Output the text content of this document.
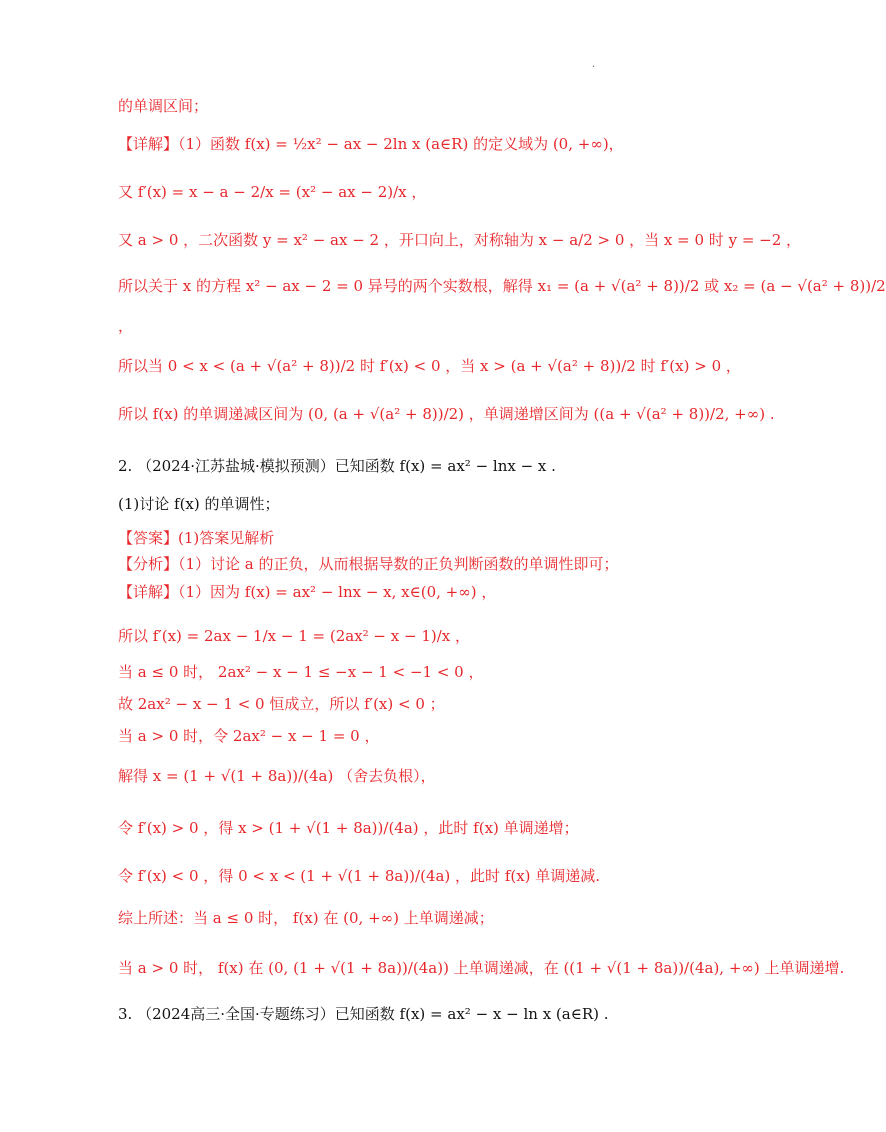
·
的单调区间；
【详解】（1）函数 f(x) = ½x² − ax − 2ln x (a∈R) 的定义域为 (0, +∞)，
又 f′(x) = x − a − 2/x = (x² − ax − 2)/x ，
又 a > 0 ，二次函数 y = x² − ax − 2 ，开口向上，对称轴为 x − a/2 > 0 ，当 x = 0 时 y = −2 ，
所以关于 x 的方程 x² − ax − 2 = 0 异号的两个实数根，解得 x₁ = (a + √(a² + 8))/2 或 x₂ = (a − √(a² + 8))/2
，
所以当 0 < x < (a + √(a² + 8))/2 时 f′(x) < 0 ，当 x > (a + √(a² + 8))/2 时 f′(x) > 0 ，
所以 f(x) 的单调递减区间为 (0, (a + √(a² + 8))/2) ，单调递增区间为 ((a + √(a² + 8))/2, +∞) .
2. （2024·江苏盐城·模拟预测）已知函数 f(x) = ax² − lnx − x .
(1)讨论 f(x) 的单调性；
【答案】(1)答案见解析
【分析】（1）讨论 a 的正负，从而根据导数的正负判断函数的单调性即可；
【详解】（1）因为 f(x) = ax² − lnx − x, x∈(0, +∞) ，
所以 f′(x) = 2ax − 1/x − 1 = (2ax² − x − 1)/x ，
当 a ≤ 0 时， 2ax² − x − 1 ≤ −x − 1 < −1 < 0 ，
故 2ax² − x − 1 < 0 恒成立，所以 f′(x) < 0 ；
当 a > 0 时，令 2ax² − x − 1 = 0 ，
解得 x = (1 + √(1 + 8a))/(4a) （舍去负根），
令 f′(x) > 0 ，得 x > (1 + √(1 + 8a))/(4a) ，此时 f(x) 单调递增；
令 f′(x) < 0 ，得 0 < x < (1 + √(1 + 8a))/(4a) ，此时 f(x) 单调递减.
综上所述：当 a ≤ 0 时， f(x) 在 (0, +∞) 上单调递减；
当 a > 0 时， f(x) 在 (0, (1 + √(1 + 8a))/(4a)) 上单调递减，在 ((1 + √(1 + 8a))/(4a), +∞) 上单调递增.
3. （2024高三·全国·专题练习）已知函数 f(x) = ax² − x − ln x (a∈R) .
